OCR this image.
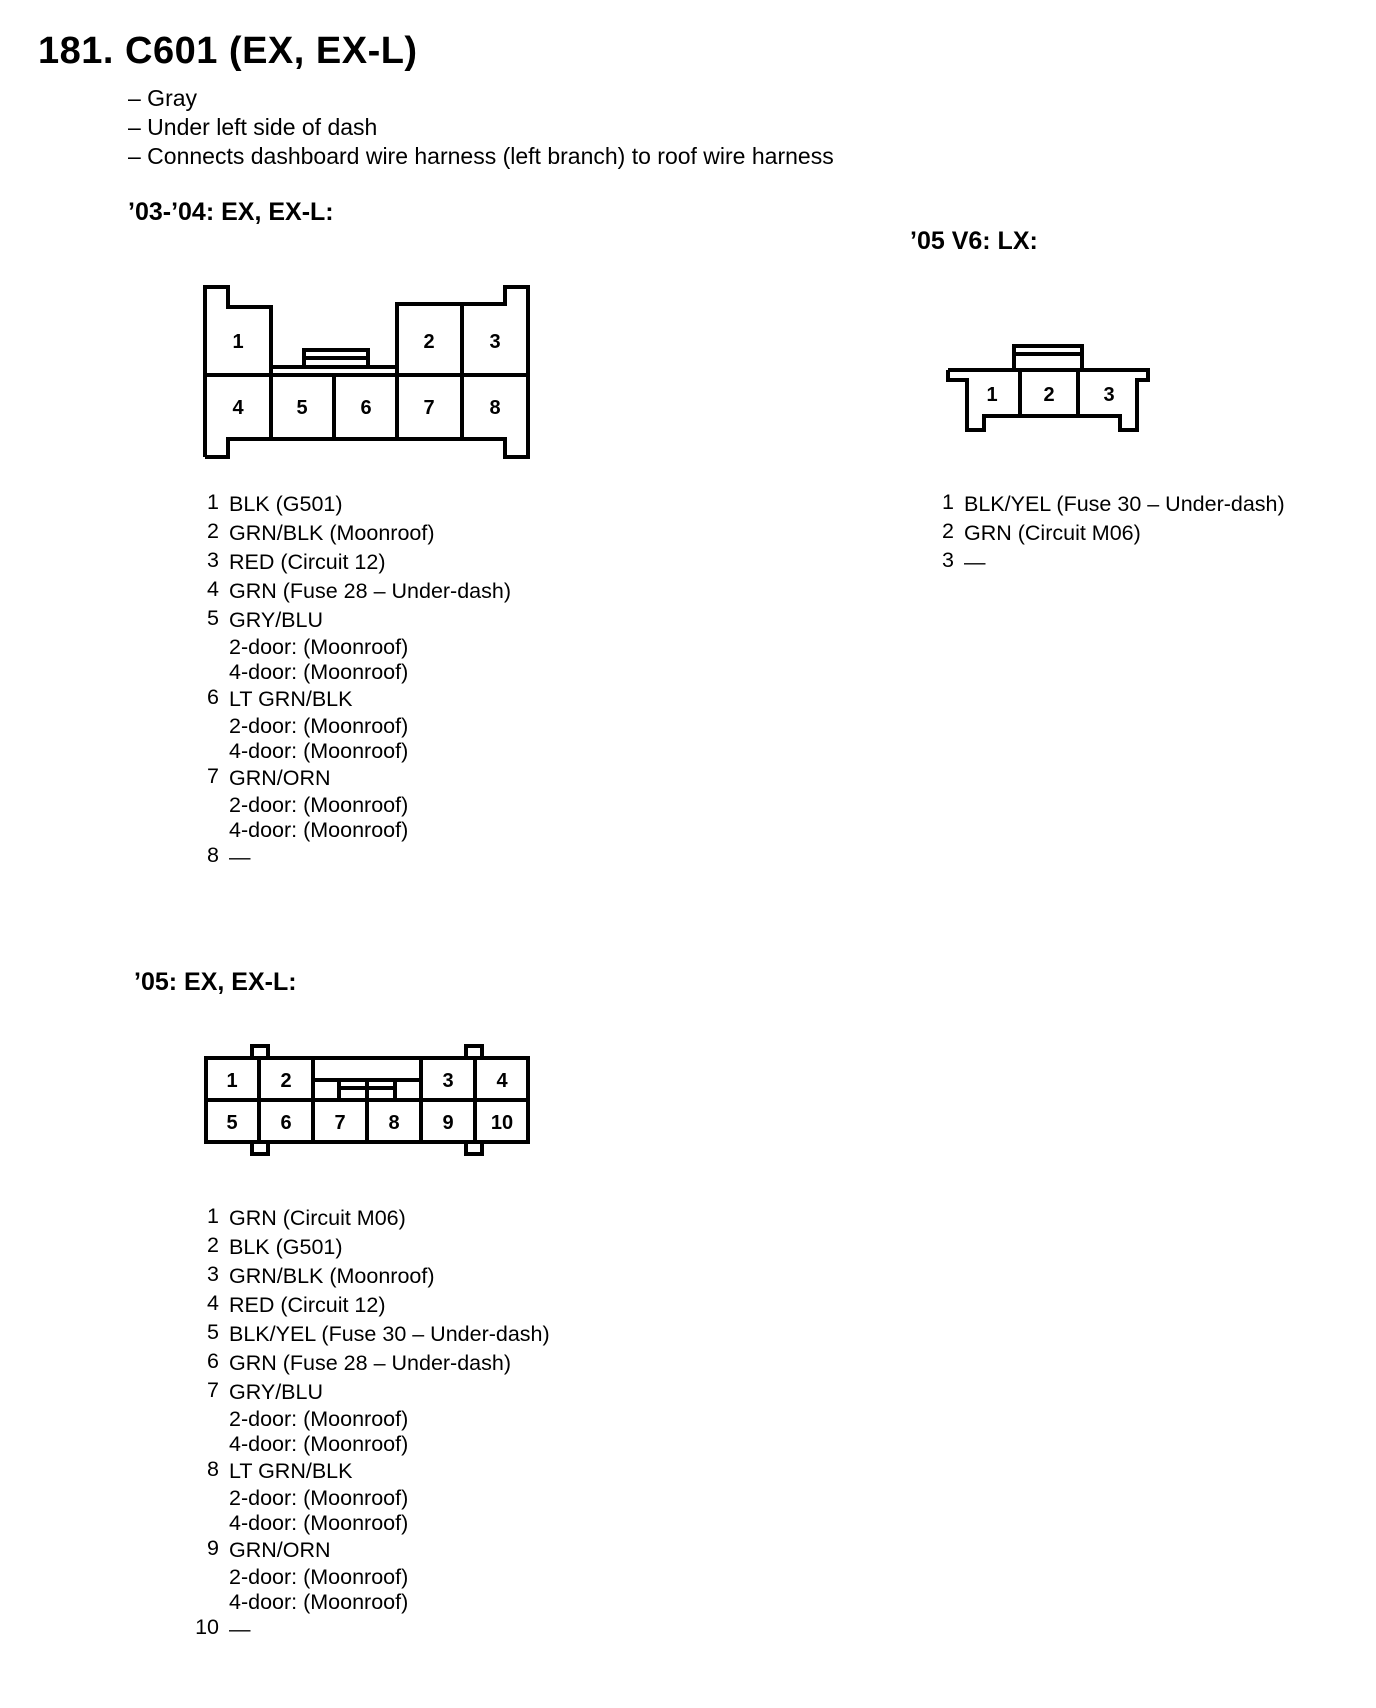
181. C601 (EX, EX-L)
– Gray
– Under left side of dash
– Connects dashboard wire harness (left branch) to roof wire harness
’03-’04: EX, EX-L:
1	2	3
4	5	6	7	8
1 BLK (G501)
2 GRN/BLK (Moonroof)
3 RED (Circuit 12)
4 GRN (Fuse 28 – Under-dash)
5 GRY/BLU
2-door: (Moonroof)
4-door: (Moonroof)
6 LT GRN/BLK
2-door: (Moonroof)
4-door: (Moonroof)
7 GRN/ORN
2-door: (Moonroof)
4-door: (Moonroof)
8 —
’05 V6: LX:
1 2 3
1 BLK/YEL (Fuse 30 – Under-dash)
2 GRN (Circuit M06)
3 —
’05: EX, EX-L:
1 2	3 4
5 6 7 8 9 10
1 GRN (Circuit M06)
2 BLK (G501)
3 GRN/BLK (Moonroof)
4 RED (Circuit 12)
5 BLK/YEL (Fuse 30 – Under-dash)
6 GRN (Fuse 28 – Under-dash)
7 GRY/BLU
2-door: (Moonroof)
4-door: (Moonroof)
8 LT GRN/BLK
2-door: (Moonroof)
4-door: (Moonroof)
9 GRN/ORN
2-door: (Moonroof)
4-door: (Moonroof)
10 —
